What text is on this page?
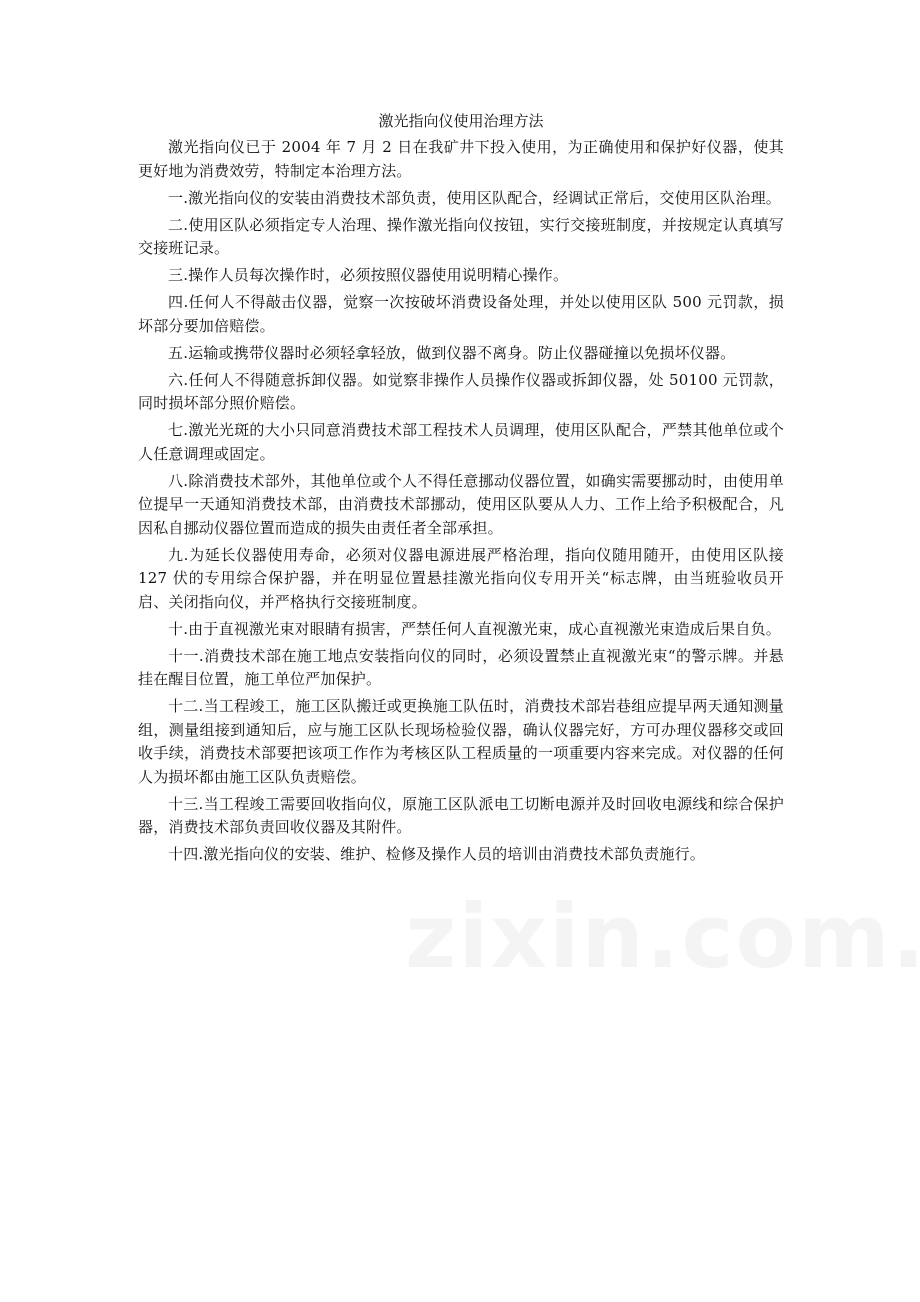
激光指向仪使用治理方法

激光指向仪已于 2004 年 7 月 2 日在我矿井下投入使用，为正确使用和保护好仪器，使其更好地为消费效劳，特制定本治理方法。

一.激光指向仪的安装由消费技术部负责，使用区队配合，经调试正常后，交使用区队治理。

二.使用区队必须指定专人治理、操作激光指向仪按钮，实行交接班制度，并按规定认真填写交接班记录。

三.操作人员每次操作时，必须按照仪器使用说明精心操作。

四.任何人不得敲击仪器，觉察一次按破坏消费设备处理，并处以使用区队 500 元罚款，损坏部分要加倍赔偿。

五.运输或携带仪器时必须轻拿轻放，做到仪器不离身。防止仪器碰撞以免损坏仪器。

六.任何人不得随意拆卸仪器。如觉察非操作人员操作仪器或拆卸仪器，处 50100 元罚款，同时损坏部分照价赔偿。

七.激光光斑的大小只同意消费技术部工程技术人员调理，使用区队配合，严禁其他单位或个人任意调理或固定。

八.除消费技术部外，其他单位或个人不得任意挪动仪器位置，如确实需要挪动时，由使用单位提早一天通知消费技术部，由消费技术部挪动，使用区队要从人力、工作上给予积极配合，凡因私自挪动仪器位置而造成的损失由责任者全部承担。

九.为延长仪器使用寿命，必须对仪器电源进展严格治理，指向仪随用随开，由使用区队接 127 伏的专用综合保护器，并在明显位置悬挂激光指向仪专用开关“标志牌，由当班验收员开启、关闭指向仪，并严格执行交接班制度。

十.由于直视激光束对眼睛有损害，严禁任何人直视激光束，成心直视激光束造成后果自负。

十一.消费技术部在施工地点安装指向仪的同时，必须设置禁止直视激光束“的警示牌。并悬挂在醒目位置，施工单位严加保护。

十二.当工程竣工，施工区队搬迁或更换施工队伍时，消费技术部岩巷组应提早两天通知测量组，测量组接到通知后，应与施工区队长现场检验仪器，确认仪器完好，方可办理仪器移交或回收手续，消费技术部要把该项工作作为考核区队工程质量的一项重要内容来完成。对仪器的任何人为损坏都由施工区队负责赔偿。

十三.当工程竣工需要回收指向仪，原施工区队派电工切断电源并及时回收电源线和综合保护器，消费技术部负责回收仪器及其附件。

十四.激光指向仪的安装、维护、检修及操作人员的培训由消费技术部负责施行。
